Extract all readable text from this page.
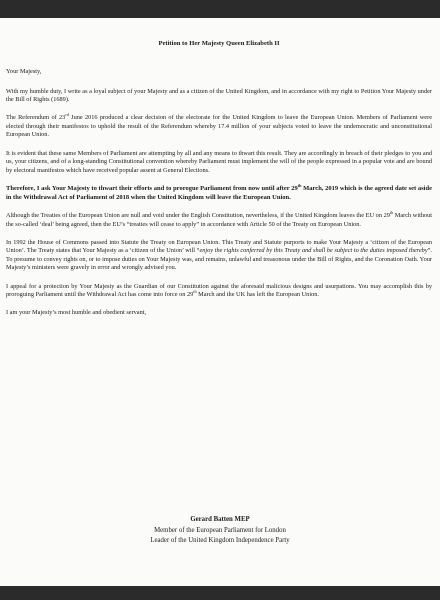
Petition to Her Majesty Queen Elizabeth II

Your Majesty,

With my humble duty, I write as a loyal subject of your Majesty and as a citizen of the United Kingdom, and in accordance with my right to Petition Your Majesty under the Bill of Rights (1689).

The Referendum of 23rd June 2016 produced a clear decision of the electorate for the United Kingdom to leave the European Union. Members of Parliament were elected through their manifestos to uphold the result of the Referendum whereby 17.4 million of your subjects voted to leave the undemocratic and unconstitutional European Union.

It is evident that these same Members of Parliament are attempting by all and any means to thwart this result. They are accordingly in breach of their pledges to you and us, your citizens, and of a long-standing Constitutional convention whereby Parliament must implement the will of the people expressed in a popular vote and are bound by electoral manifestos which have received popular assent at General Elections.

Therefore, I ask Your Majesty to thwart their efforts and to prorogue Parliament from now until after 29th March, 2019 which is the agreed date set aside in the Withdrawal Act of Parliament of 2018 when the United Kingdom will leave the European Union.

Although the Treaties of the European Union are null and void under the English Constitution, nevertheless, if the United Kingdom leaves the EU on 29th March without the so-called ‘deal’ being agreed, then the EU’s “treaties will cease to apply” in accordance with Article 50 of the Treaty on European Union.

In 1992 the House of Commons passed into Statute the Treaty on European Union. This Treaty and Statute purports to make Your Majesty a ‘citizen of the European Union’. The Treaty states that Your Majesty as a ‘citizen of the Union’ will “enjoy the rights conferred by this Treaty and shall be subject to the duties imposed thereby”. To presume to convey rights on, or to impose duties on Your Majesty was, and remains, unlawful and treasonous under the Bill of Rights, and the Coronation Oath. Your Majesty’s ministers were gravely in error and wrongly advised you.

I appeal for a protection by Your Majesty as the Guardian of our Constitution against the aforesaid malicious designs and usurpations. You may accomplish this by proroguing Parliament until the Withdrawal Act has come into force on 29th March and the UK has left the European Union.

I am your Majesty’s most humble and obedient servant,

Gerard Batten MEP
Member of the European Parliament for London
Leader of the United Kingdom Independence Party
